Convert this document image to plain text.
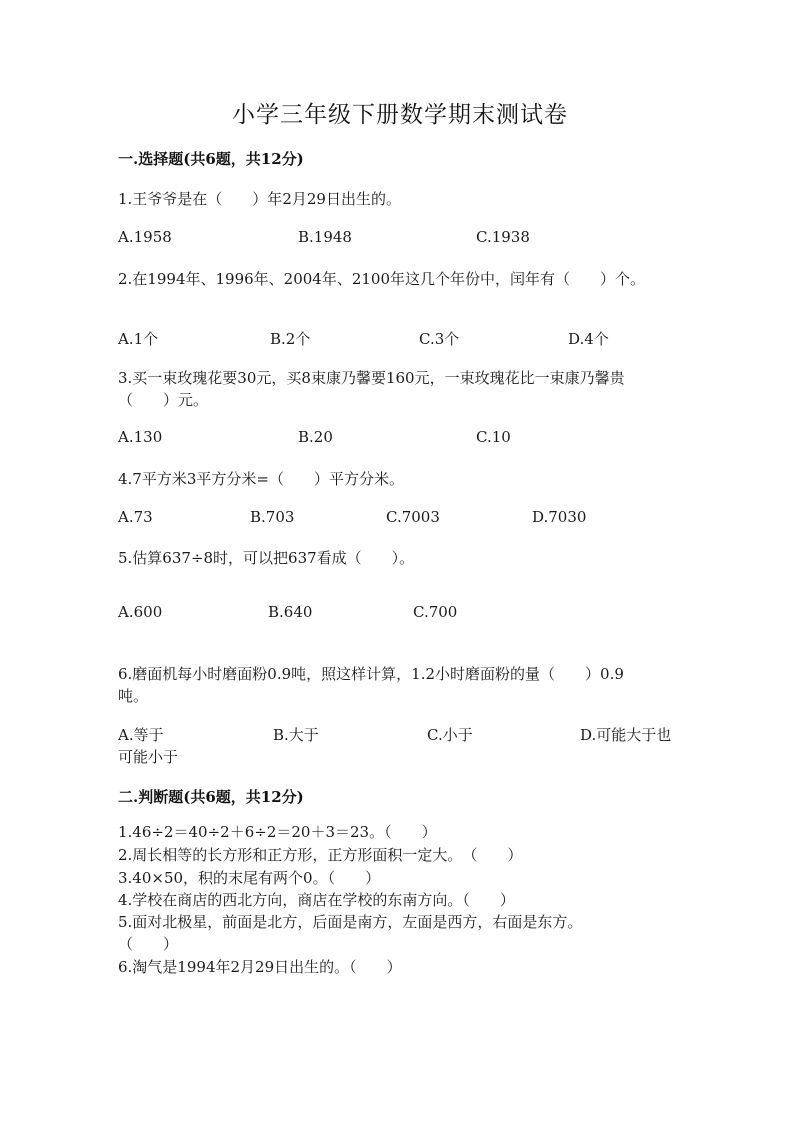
小学三年级下册数学期末测试卷
一.选择题(共6题，共12分)
1.王爷爷是在（　　）年2月29日出生的。
A.1958	B.1948	C.1938
2.在1994年、1996年、2004年、2100年这几个年份中，闰年有（　　）个。
A.1个	B.2个	C.3个	D.4个
3.买一束玫瑰花要30元，买8束康乃馨要160元，一束玫瑰花比一束康乃馨贵
（　　）元。
A.130	B.20	C.10
4.7平方米3平方分米=（　　）平方分米。
A.73	B.703	C.7003	D.7030
5.估算637÷8时，可以把637看成（　　）。
A.600	B.640	C.700
6.磨面机每小时磨面粉0.9吨，照这样计算，1.2小时磨面粉的量（　　）0.9
吨。
A.等于	B.大于	C.小于	D.可能大于也
可能小于
二.判断题(共6题，共12分)
1.46÷2＝40÷2＋6÷2＝20＋3＝23。（　　）
2.周长相等的长方形和正方形，正方形面积一定大。　（　　）
3.40×50，积的末尾有两个0。（　　）
4.学校在商店的西北方向，商店在学校的东南方向。（　　）
5.面对北极星，前面是北方，后面是南方，左面是西方，右面是东方。
（　　）
6.淘气是1994年2月29日出生的。（　　）
